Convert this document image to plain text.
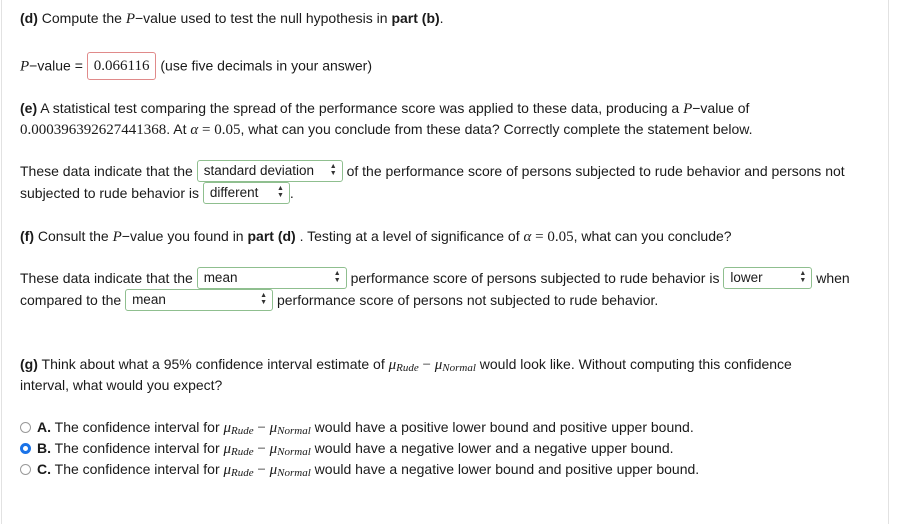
(d) Compute the P−value used to test the null hypothesis in part (b).
P−value = 0.066116 (use five decimals in your answer)
(e) A statistical test comparing the spread of the performance score was applied to these data, producing a P−value of
0.000396392627441368. At α = 0.05, what can you conclude from these data? Correctly complete the statement below.
These data indicate that the standard deviation ▲
▼ of the performance score of persons subjected to rude behavior and persons not
subjected to rude behavior is different	▲
▼ .
(f) Consult the P−value you found in part (d) . Testing at a level of significance of α = 0.05, what can you conclude?
These data indicate that the mean	▲
▼ performance score of persons subjected to rude behavior is lower	▲
▼ when
compared to the mean	▲
▼ performance score of persons not subjected to rude behavior.
(g) Think about what a 95% confidence interval estimate of μRude − μNormal would look like. Without computing this confidence
interval, what would you expect?
A. The confidence interval for μRude − μNormal would have a positive lower bound and positive upper bound.
B. The confidence interval for μRude − μNormal would have a negative lower and a negative upper bound.
C. The confidence interval for μRude − μNormal would have a negative lower bound and positive upper bound.
